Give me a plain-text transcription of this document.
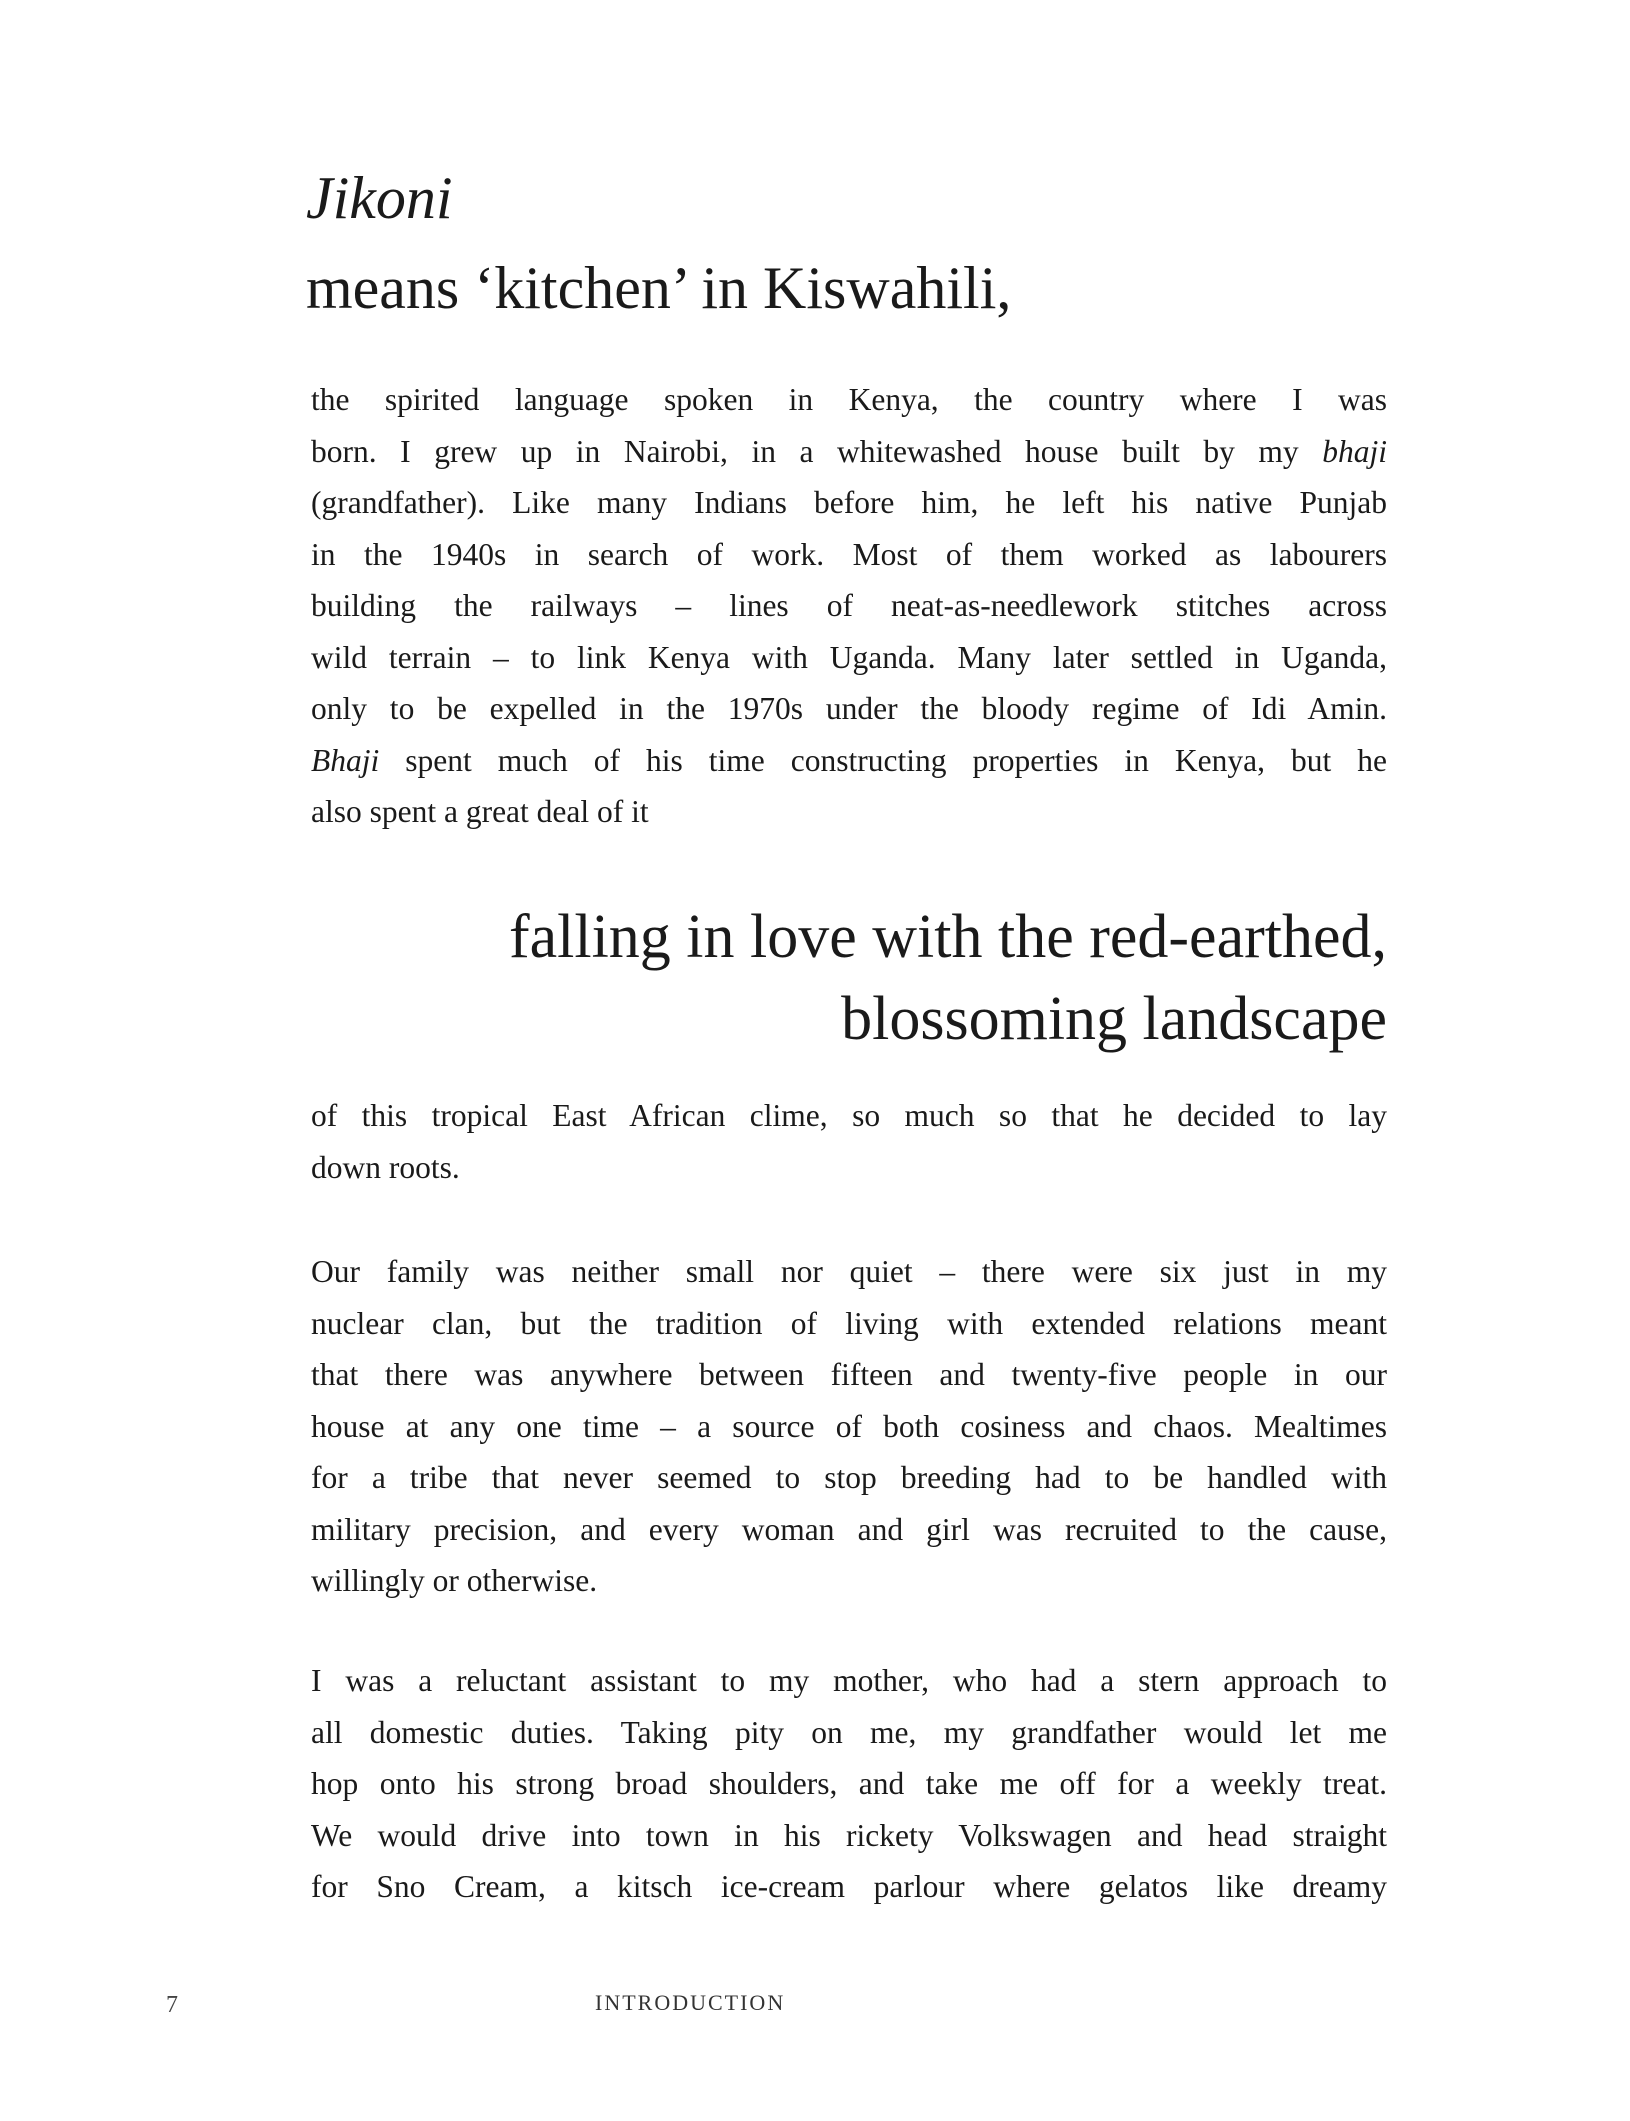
Jikoni
means ‘kitchen’ in Kiswahili,
the spirited language spoken in Kenya, the country where I was
born. I grew up in Nairobi, in a whitewashed house built by my bhaji
(grandfather). Like many Indians before him, he left his native Punjab
in the 1940s in search of work. Most of them worked as labourers
building the railways – lines of neat-as-needlework stitches across
wild terrain – to link Kenya with Uganda. Many later settled in Uganda,
only to be expelled in the 1970s under the bloody regime of Idi Amin.
Bhaji spent much of his time constructing properties in Kenya, but he
also spent a great deal of it
falling in love with the red-earthed,
blossoming landscape
of this tropical East African clime, so much so that he decided to lay
down roots.
Our family was neither small nor quiet – there were six just in my
nuclear clan, but the tradition of living with extended relations meant
that there was anywhere between fifteen and twenty-five people in our
house at any one time – a source of both cosiness and chaos. Mealtimes
for a tribe that never seemed to stop breeding had to be handled with
military precision, and every woman and girl was recruited to the cause,
willingly or otherwise.
I was a reluctant assistant to my mother, who had a stern approach to
all domestic duties. Taking pity on me, my grandfather would let me
hop onto his strong broad shoulders, and take me off for a weekly treat.
We would drive into town in his rickety Volkswagen and head straight
for Sno Cream, a kitsch ice-cream parlour where gelatos like dreamy
7	INTRODUCTION
